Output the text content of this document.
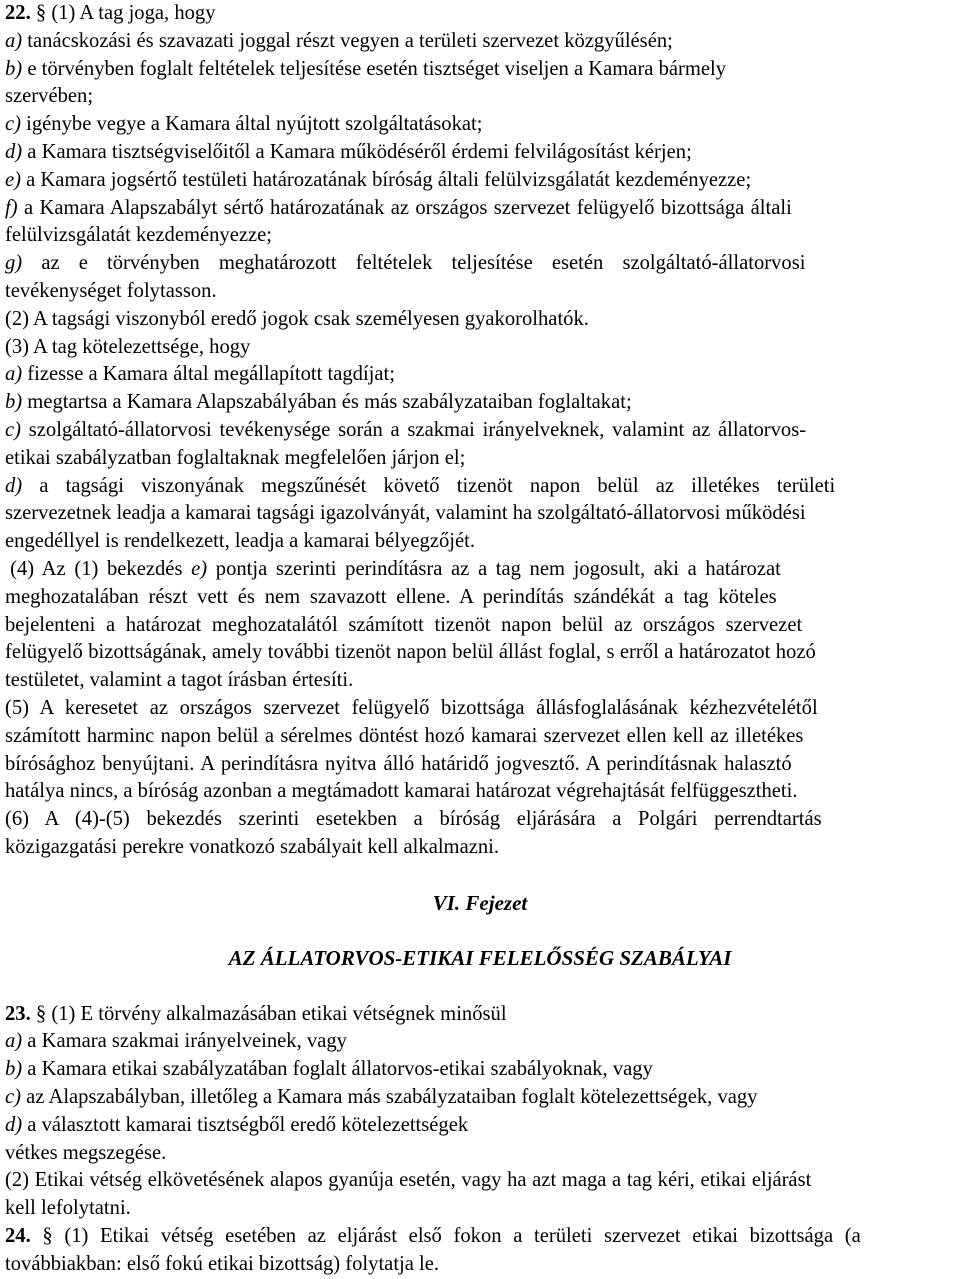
22. § (1) A tag joga, hogy
a) tanácskozási és szavazati joggal részt vegyen a területi szervezet közgyűlésén;
b) e törvényben foglalt feltételek teljesítése esetén tisztséget viseljen a Kamara bármely
szervében;
c) igénybe vegye a Kamara által nyújtott szolgáltatásokat;
d) a Kamara tisztségviselőitől a Kamara működéséről érdemi felvilágosítást kérjen;
e) a Kamara jogsértő testületi határozatának bíróság általi felülvizsgálatát kezdeményezze;
f) a Kamara Alapszabályt sértő határozatának az országos szervezet felügyelő bizottsága általi
felülvizsgálatát kezdeményezze;
g) az e törvényben meghatározott feltételek teljesítése esetén szolgáltató-állatorvosi
tevékenységet folytasson.
(2) A tagsági viszonyból eredő jogok csak személyesen gyakorolhatók.
(3) A tag kötelezettsége, hogy
a) fizesse a Kamara által megállapított tagdíjat;
b) megtartsa a Kamara Alapszabályában és más szabályzataiban foglaltakat;
c) szolgáltató-állatorvosi tevékenysége során a szakmai irányelveknek, valamint az állatorvos-
etikai szabályzatban foglaltaknak megfelelően járjon el;
d) a tagsági viszonyának megszűnését követő tizenöt napon belül az illetékes területi
szervezetnek leadja a kamarai tagsági igazolványát, valamint ha szolgáltató-állatorvosi működési
engedéllyel is rendelkezett, leadja a kamarai bélyegzőjét.
(4) Az (1) bekezdés e) pontja szerinti perindításra az a tag nem jogosult, aki a határozat
meghozatalában részt vett és nem szavazott ellene. A perindítás szándékát a tag köteles
bejelenteni a határozat meghozatalától számított tizenöt napon belül az országos szervezet
felügyelő bizottságának, amely további tizenöt napon belül állást foglal, s erről a határozatot hozó
testületet, valamint a tagot írásban értesíti.
(5) A keresetet az országos szervezet felügyelő bizottsága állásfoglalásának kézhezvételétől
számított harminc napon belül a sérelmes döntést hozó kamarai szervezet ellen kell az illetékes
bírósághoz benyújtani. A perindításra nyitva álló határidő jogvesztő. A perindításnak halasztó
hatálya nincs, a bíróság azonban a megtámadott kamarai határozat végrehajtását felfüggesztheti.
(6) A (4)-(5) bekezdés szerinti esetekben a bíróság eljárására a Polgári perrendtartás
közigazgatási perekre vonatkozó szabályait kell alkalmazni.
VI. Fejezet
AZ ÁLLATORVOS-ETIKAI FELELŐSSÉG SZABÁLYAI
23. § (1) E törvény alkalmazásában etikai vétségnek minősül
a) a Kamara szakmai irányelveinek, vagy
b) a Kamara etikai szabályzatában foglalt állatorvos-etikai szabályoknak, vagy
c) az Alapszabályban, illetőleg a Kamara más szabályzataiban foglalt kötelezettségek, vagy
d) a választott kamarai tisztségből eredő kötelezettségek
vétkes megszegése.
(2) Etikai vétség elkövetésének alapos gyanúja esetén, vagy ha azt maga a tag kéri, etikai eljárást
kell lefolytatni.
24. § (1) Etikai vétség esetében az eljárást első fokon a területi szervezet etikai bizottsága (a
továbbiakban: első fokú etikai bizottság) folytatja le.
